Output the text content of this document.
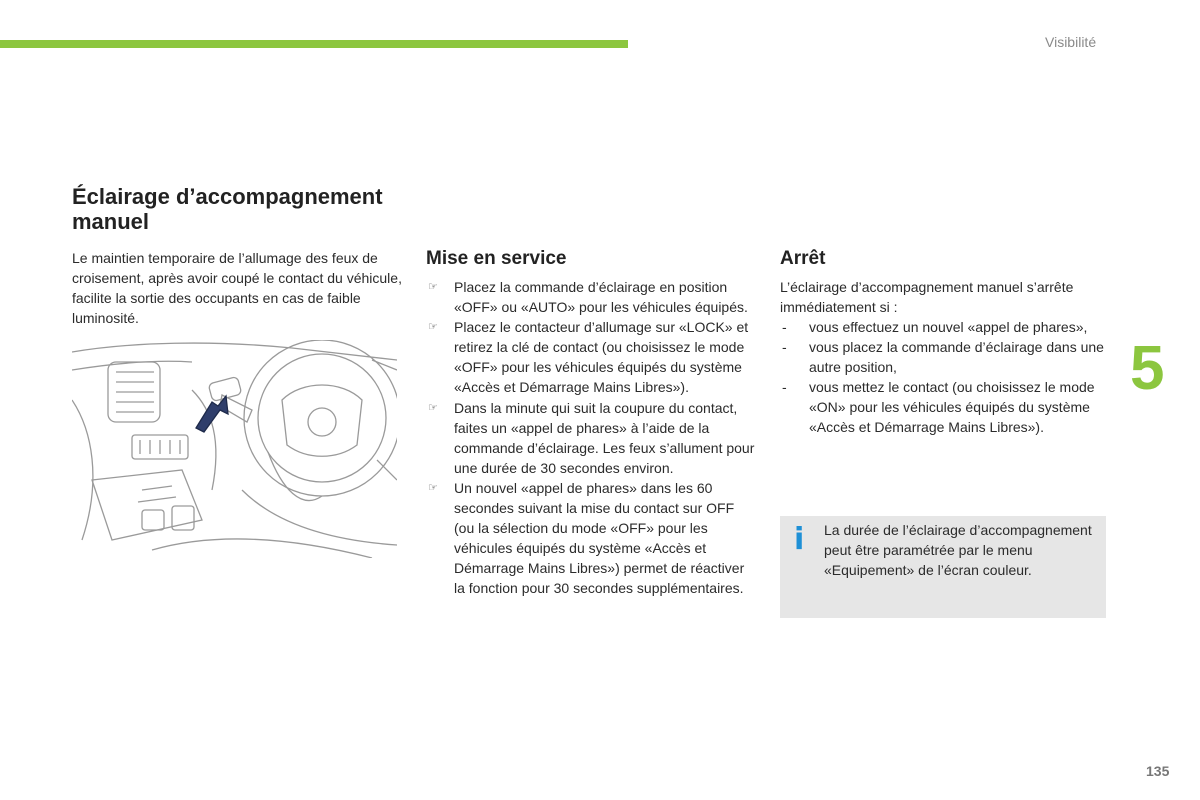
Visibilité
5
135
Éclairage d’accompagnement manuel

Le maintien temporaire de l’allumage des feux de croisement, après avoir coupé le contact du véhicule, facilite la sortie des occupants en cas de faible luminosité.

Mise en service
☞ Placez la commande d’éclairage en position «OFF» ou «AUTO» pour les véhicules équipés.
☞ Placez le contacteur d’allumage sur «LOCK» et retirez la clé de contact (ou choisissez le mode «OFF» pour les véhicules équipés du système «Accès et Démarrage Mains Libres»).
☞ Dans la minute qui suit la coupure du contact, faites un «appel de phares» à l’aide de la commande d’éclairage. Les feux s’allument pour une durée de 30 secondes environ.
☞ Un nouvel «appel de phares» dans les 60 secondes suivant la mise du contact sur OFF (ou la sélection du mode «OFF» pour les véhicules équipés du système «Accès et Démarrage Mains Libres») permet de réactiver la fonction pour 30 secondes supplémentaires.
Arrêt

L’éclairage d’accompagnement manuel s’arrête immédiatement si :

- vous effectuez un nouvel «appel de phares»,
- vous placez la commande d’éclairage dans une autre position,
- vous mettez le contact (ou choisissez le mode «ON» pour les véhicules équipés du système «Accès et Démarrage Mains Libres»).
i La durée de l’éclairage d’accompagnement peut être paramétrée par le menu «Equipement» de l’écran couleur.
